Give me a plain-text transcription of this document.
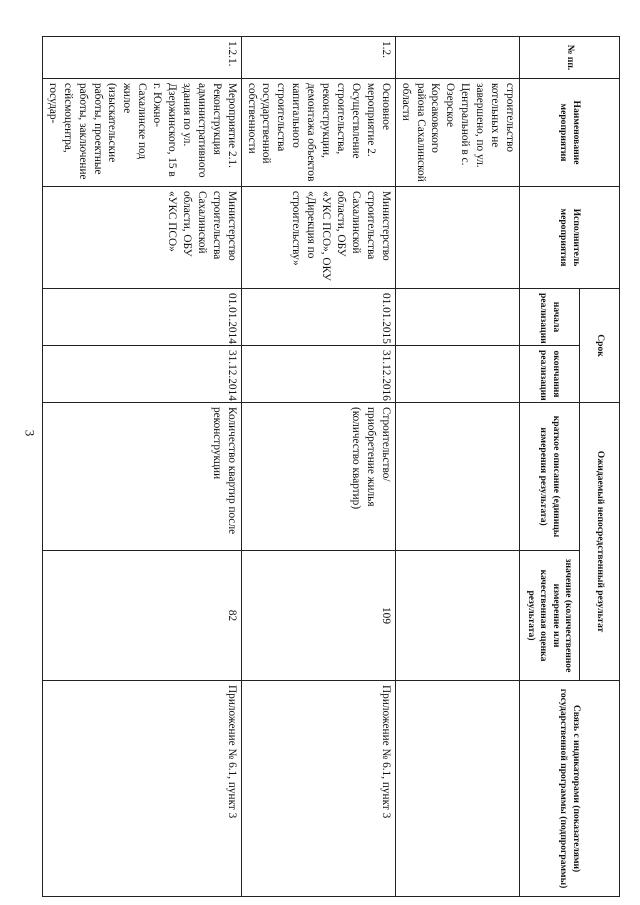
3
№ пп.	Наименование мероприятия	Исполнитель мероприятия	Срок		Ожидаемый непосредственный результат		Связь с индикаторами (показателями) государственной программы (подпрограммы)
			начала реализации	окончания реализации	краткое описание (единицы измерения результата)	значение (количественное измерение или качественная оценка результата)	
	строительство котельных не завершено, по ул. Центральной в с. Озерское Корсаковского района Сахалинской области						
1.2.	Основное мероприятие 2. Осуществление строительства, реконструкции, демонтажа объектов капитального строительства государственной собственности	Министерство строительства Сахалинской области, ОБУ «УКС ПСО», ОКУ «Дирекция по строительству»	01.01.2015	31.12.2016	Строительство/приобретение жилья (количество квартир)	109	Приложение № 6.1, пункт 3
1.2.1.	Мероприятие 2.1. Реконструкция административного здания по ул. Дзержинского, 15 в г. Южно-Сахалинске под жилое (изыскательские работы, проектные работы, заключение сейсмоцентра, государ-	Министерство строительства Сахалинской области, ОБУ «УКС ПСО»	01.01.2014	31.12.2014	Количество квартир после реконструкции	82	Приложение № 6.1, пункт 3
